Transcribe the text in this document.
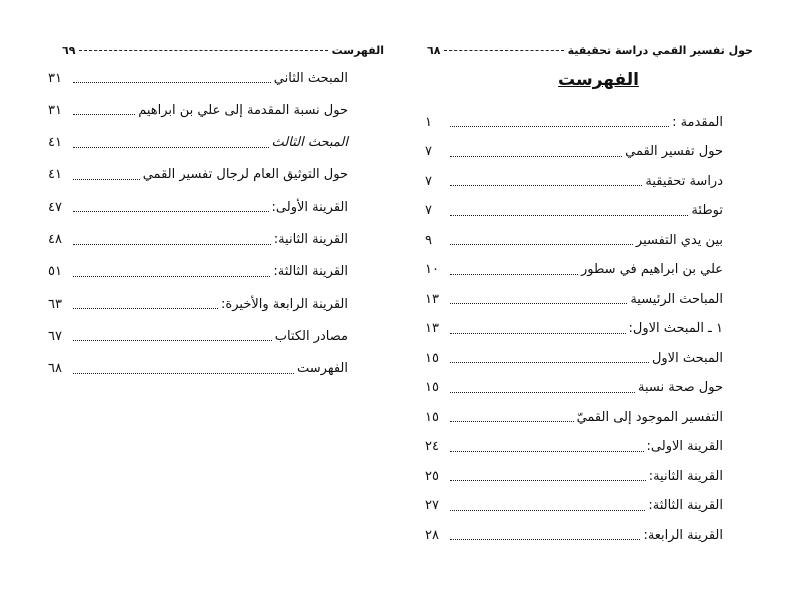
٦٩	الفهرست
٣١	المبحث الثاني
٣١	حول نسبة المقدمة إلى علي بن ابراهيم
٤١	المبحث الثالث
٤١	حول التوثيق العام لرجال تفسير القمي
٤٧	القرينة الأولى:
٤٨	القرينة الثانية:
٥١	القرينة الثالثة:
٦٣	القرينة الرابعة والأخيرة:
٦٧	مصادر الكتاب
٦٨	الفهرست
٦٨	حول تفسير القمي دراسة تحقيقية
الفهرست
١	المقدمة :
٧	حول تفسير القمي
٧	دراسة تحقيقية
٧	توطئة
٩	بين يدي التفسير
١٠	علي بن ابراهيم في سطور
١٣	المباحث الرئيسية
١٣	١ ـ المبحث الاول:
١٥	المبحث الاول
١٥	حول صحة نسبة
١٥	التفسير الموجود إلى القميّ
٢٤	القرينة الاولى:
٢٥	القرينة الثانية:
٢٧	القرينة الثالثة:
٢٨	القرينة الرابعة:
